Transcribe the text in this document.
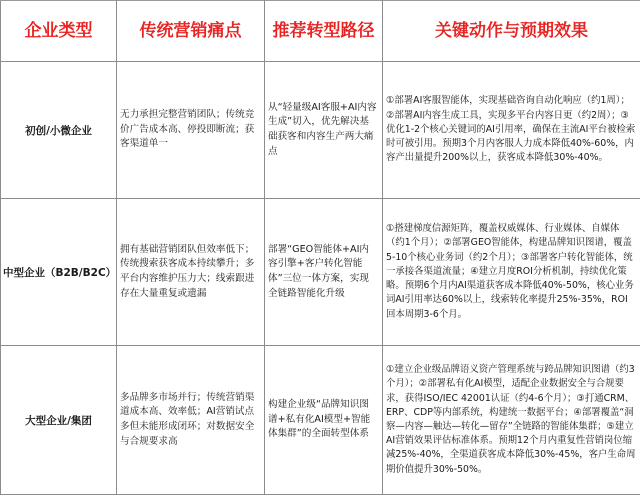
企业类型	传统营销痛点	推荐转型路径	关键动作与预期效果
初创/小微企业	无力承担完整营销团队；传统竞价广告成本高、停投即断流；获客渠道单一	从“轻量级AI客服+AI内容生成”切入，优先解决基础获客和内容生产两大痛点	①部署AI客服智能体，实现基础咨询自动化响应（约1周）；②部署AI内容生成工具，实现多平台内容日更（约2周）；③优化1-2个核心关键词的AI引用率，确保在主流AI平台被检索时可被引用。预期3个月内客服人力成本降低40%-60%，内容产出量提升200%以上，获客成本降低30%-40%。
中型企业（B2B/B2C）	拥有基础营销团队但效率低下；传统搜索获客成本持续攀升；多平台内容维护压力大；线索跟进存在大量重复或遗漏	部署“GEO智能体+AI内容引擎+客户转化智能体”三位一体方案，实现全链路智能化升级	①搭建梯度信源矩阵，覆盖权威媒体、行业媒体、自媒体（约1个月）；②部署GEO智能体，构建品牌知识图谱，覆盖5-10个核心业务词（约2个月）；③部署客户转化智能体，统一承接各渠道流量；④建立月度ROI分析机制，持续优化策略。预期6个月内AI渠道获客成本降低40%-50%，核心业务词AI引用率达60%以上，线索转化率提升25%-35%，ROI回本周期3-6个月。
大型企业/集团	多品牌多市场并行；传统营销渠道成本高、效率低；AI营销试点多但未能形成闭环；对数据安全与合规要求高	构建企业级“品牌知识图谱+私有化AI模型+智能体集群”的全面转型体系	①建立企业级品牌语义资产管理系统与跨品牌知识图谱（约3个月）；②部署私有化AI模型，适配企业数据安全与合规要求，获得ISO/IEC 42001认证（约4-6个月）；③打通CRM、ERP、CDP等内部系统，构建统一数据平台；④部署覆盖“洞察—内容—触达—转化—留存”全链路的智能体集群；⑤建立AI营销效果评估标准体系。预期12个月内重复性营销岗位缩减25%-40%，全渠道获客成本降低30%-45%，客户生命周期价值提升30%-50%。
